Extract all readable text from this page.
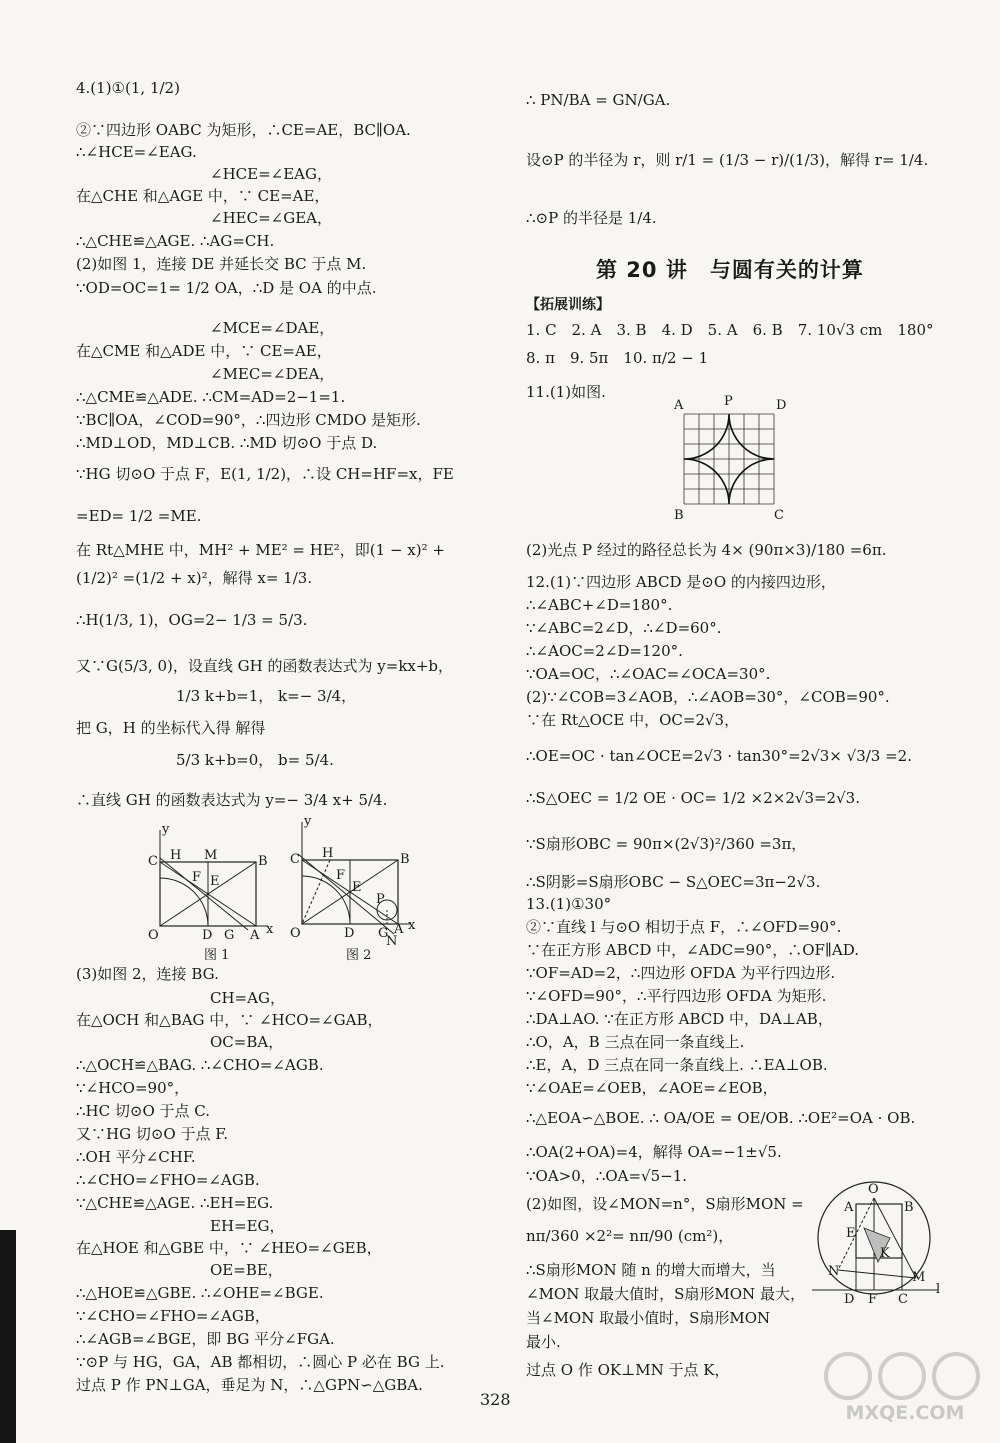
4.(1)①(1, 1/2)
②∵四边形 OABC 为矩形，∴CE=AE，BC∥OA.
∴∠HCE=∠EAG.
∠HCE=∠EAG，
在△CHE 和△AGE 中，∵ CE=AE，
∠HEC=∠GEA，
∴△CHE≌△AGE. ∴AG=CH.
(2)如图 1，连接 DE 并延长交 BC 于点 M.
∵OD=OC=1= 1/2 OA，∴D 是 OA 的中点.
∠MCE=∠DAE，
在△CME 和△ADE 中，∵ CE=AE，
∠MEC=∠DEA，
∴△CME≌△ADE. ∴CM=AD=2−1=1.
∵BC∥OA，∠COD=90°，∴四边形 CMDO 是矩形.
∴MD⊥OD，MD⊥CB. ∴MD 切⊙O 于点 D.
∵HG 切⊙O 于点 F，E(1, 1/2)，∴设 CH=HF=x，FE
=ED= 1/2 =ME.
在 Rt△MHE 中，MH² + ME² = HE²，即(1 − x)² +
(1/2)² =(1/2 + x)²，解得 x= 1/3.
∴H(1/3, 1)，OG=2− 1/3 = 5/3.
又∵G(5/3, 0)，设直线 GH 的函数表达式为 y=kx+b，
1/3 k+b=1， k=− 3/4，
把 G，H 的坐标代入得 解得
5/3 k+b=0， b= 5/4.
∴直线 GH 的函数表达式为 y=− 3/4 x+ 5/4.
y
C H M	B
F E
O	D G A x
图 1
y
C H
F
B
E
P
O	D G A
N
x
图 2
(3)如图 2，连接 BG.
CH=AG，
在△OCH 和△BAG 中，∵ ∠HCO=∠GAB，
OC=BA，
∴△OCH≌△BAG. ∴∠CHO=∠AGB.
∵∠HCO=90°，
∴HC 切⊙O 于点 C.
又∵HG 切⊙O 于点 F.
∴OH 平分∠CHF.
∴∠CHO=∠FHO=∠AGB.
∵△CHE≌△AGE. ∴EH=EG.
EH=EG，
在△HOE 和△GBE 中，∵ ∠HEO=∠GEB，
OE=BE，
∴△HOE≌△GBE. ∴∠OHE=∠BGE.
∵∠CHO=∠FHO=∠AGB，
∴∠AGB=∠BGE，即 BG 平分∠FGA.
∵⊙P 与 HG，GA，AB 都相切，∴圆心 P 必在 BG 上.
过点 P 作 PN⊥GA，垂足为 N，∴△GPN∽△GBA.
∴ PN/BA = GN/GA.
设⊙P 的半径为 r，则 r/1 = (1/3 − r)/(1/3)，解得 r= 1/4.
∴⊙P 的半径是 1/4.
第 20 讲　与圆有关的计算
【拓展训练】
1. C　2. A　3. B　4. D　5. A　6. B　7. 10√3 cm　180°
8. π　9. 5π　10. π/2 − 1
11.(1)如图.
A	P	D
B	C
(2)光点 P 经过的路径总长为 4× (90π×3)/180 =6π.
12.(1)∵四边形 ABCD 是⊙O 的内接四边形，
∴∠ABC+∠D=180°.
∵∠ABC=2∠D，∴∠D=60°.
∴∠AOC=2∠D=120°.
∵OA=OC，∴∠OAC=∠OCA=30°.
(2)∵∠COB=3∠AOB，∴∠AOB=30°，∠COB=90°.
∵在 Rt△OCE 中，OC=2√3，
∴OE=OC · tan∠OCE=2√3 · tan30°=2√3× √3/3 =2.
∴S△OEC = 1/2 OE · OC= 1/2 ×2×2√3=2√3.
∵S扇形OBC = 90π×(2√3)²/360 =3π，
∴S阴影=S扇形OBC − S△OEC=3π−2√3.
13.(1)①30°
②∵直线 l 与⊙O 相切于点 F，∴∠OFD=90°.
∵在正方形 ABCD 中，∠ADC=90°，∴OF∥AD.
∵OF=AD=2，∴四边形 OFDA 为平行四边形.
∵∠OFD=90°，∴平行四边形 OFDA 为矩形.
∴DA⊥AO. ∵在正方形 ABCD 中，DA⊥AB，
∴O，A，B 三点在同一条直线上.
∴E，A，D 三点在同一条直线上. ∴EA⊥OB.
∵∠OAE=∠OEB，∠AOE=∠EOB，
∴△EOA∽△BOE. ∴ OA/OE = OE/OB. ∴OE²=OA · OB.
∴OA(2+OA)=4，解得 OA=−1±√5.
∵OA>0，∴OA=√5−1.
(2)如图，设∠MON=n°，S扇形MON =
nπ/360 ×2²= nπ/90 (cm²)，
∴S扇形MON 随 n 的增大而增大，当
∠MON 取最大值时，S扇形MON 最大，
当∠MON 取最小值时，S扇形MON
最小.
过点 O 作 OK⊥MN 于点 K，
O
A	B
E
N
K
M
D F C
l
328
MXQE.COM
